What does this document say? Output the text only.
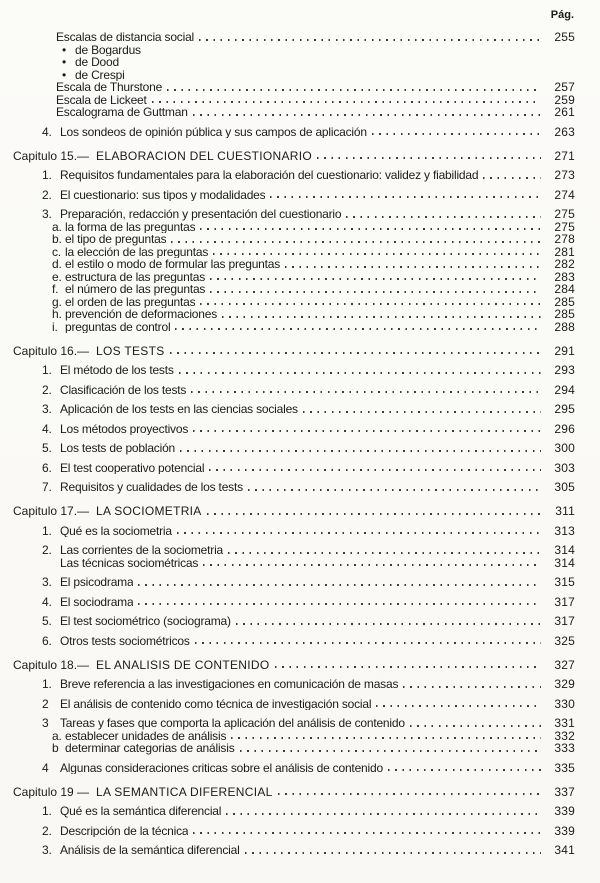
Pág.
Escalas de distancia social	255
• de Bogardus
• de Dood
• de Crespi
Escala de Thurstone	257
Escala de Lickeet	259
Escalograma de Guttman	261
4. Los sondeos de opinión pública y sus campos de aplicación	263
Capitulo 15.— ELABORACION DEL CUESTIONARIO	271
1. Requisitos fundamentales para la elaboración del cuestionario: validez y fiabilidad	273
2. El cuestionario: sus tipos y modalidades	274
3. Preparación, redacción y presentación del cuestionario	275
a. la forma de las preguntas	275
b. el tipo de preguntas	278
c. la elección de las preguntas	281
d. el estilo o modo de formular las preguntas	282
e. estructura de las preguntas	283
f. el número de las preguntas	284
g. el orden de las preguntas	285
h. prevención de deformaciones	285
i. preguntas de control	288
Capitulo 16.— LOS TESTS	291
1. El método de los tests	293
2. Clasificación de los tests	294
3. Aplicación de los tests en las ciencias sociales	295
4. Los métodos proyectivos	296
5. Los tests de población	300
6. El test cooperativo potencial	303
7. Requisitos y cualidades de los tests	305
Capitulo 17.— LA SOCIOMETRIA	311
1. Qué es la sociometria	313
2. Las corrientes de la sociometria	314
Las técnicas sociométricas	314
3. El psicodrama	315
4. El sociodrama	317
5. El test sociométrico (sociograma)	317
6. Otros tests sociométricos	325
Capitulo 18.— EL ANALISIS DE CONTENIDO	327
1. Breve referencia a las investigaciones en comunicación de masas	329
2 El análisis de contenido como técnica de investigación social	330
3 Tareas y fases que comporta la aplicación del análisis de contenido	331
a. establecer unidades de análisis	332
b determinar categorias de análisis	333
4 Algunas consideraciones criticas sobre el análisis de contenido	335
Capitulo 19 — LA SEMANTICA DIFERENCIAL	337
1. Qué es la semántica diferencial	339
2. Descripción de la técnica	339
3. Análisis de la semántica diferencial	341
